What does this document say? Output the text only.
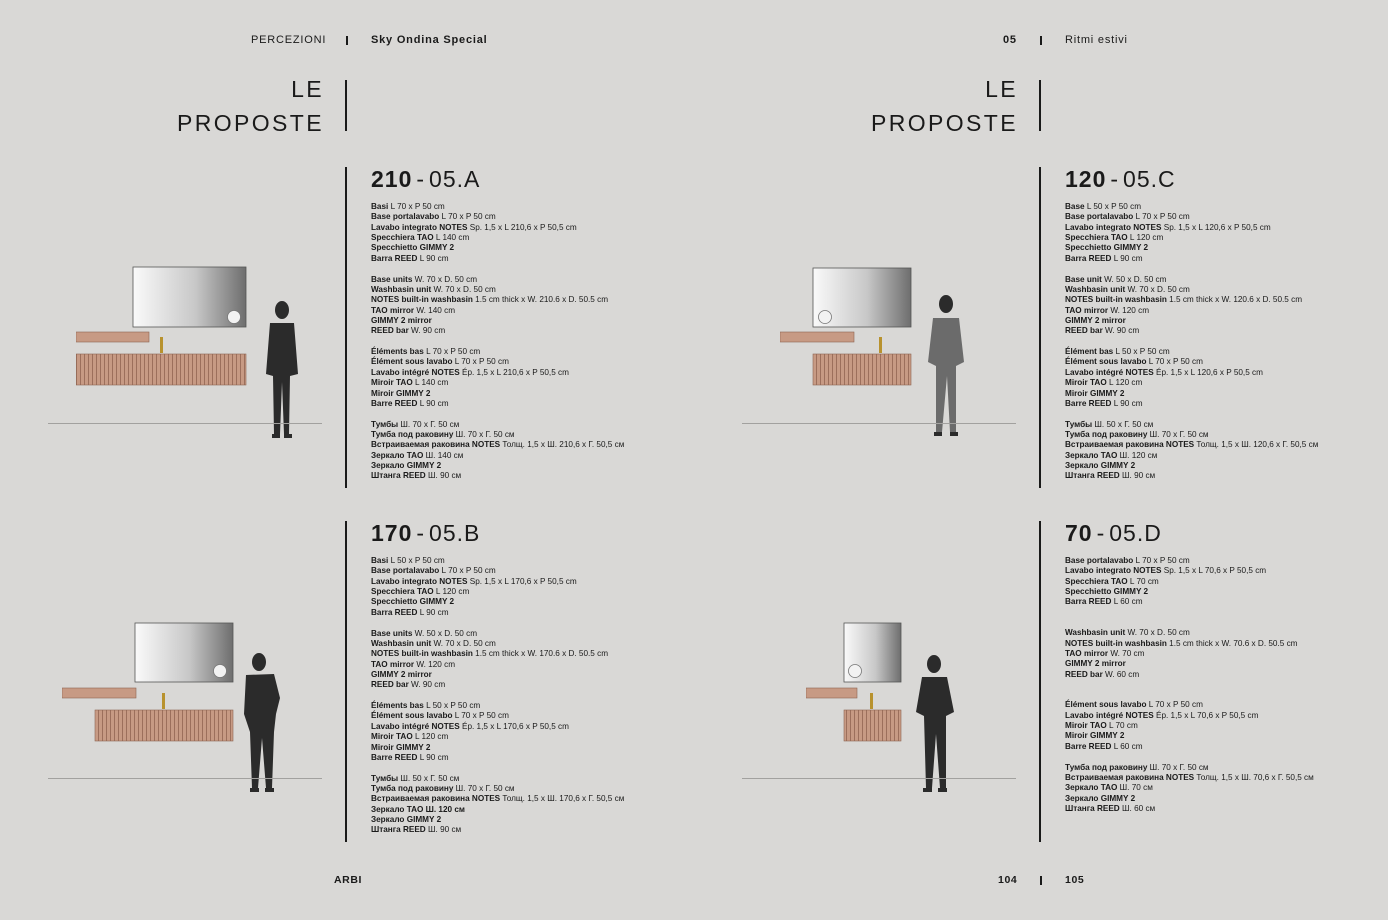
PERCEZIONI	Sky Ondina Special	05	Ritmi estivi
LE
PROPOSTE
LE
PROPOSTE
210 - 05.A
Basi L 70 x P 50 cm
Base portalavabo L 70 x P 50 cm
Lavabo integrato NOTES Sp. 1,5 x L 210,6 x P 50,5 cm
Specchiera TAO L 140 cm
Specchietto GIMMY 2
Barra REED L 90 cm
Base units W. 70 x D. 50 cm
Washbasin unit W. 70 x D. 50 cm
NOTES built-in washbasin 1.5 cm thick x W. 210.6 x D. 50.5 cm
TAO mirror W. 140 cm
GIMMY 2 mirror
REED bar W. 90 cm
Éléments bas L 70 x P 50 cm
Élément sous lavabo L 70 x P 50 cm
Lavabo intégré NOTES Ép. 1,5 x L 210,6 x P 50,5 cm
Miroir TAO L 140 cm
Miroir GIMMY 2
Barre REED L 90 cm
Тумбы Ш. 70 x Г. 50 см
Тумба под раковину Ш. 70 x Г. 50 см
Встраиваемая раковина NOTES Толщ. 1,5 x Ш. 210,6 x Г. 50,5 см
Зеркало TAO Ш. 140 см
Зеркало GIMMY 2
Штанга REED Ш. 90 см
170 - 05.B
Basi L 50 x P 50 cm
Base portalavabo L 70 x P 50 cm
Lavabo integrato NOTES Sp. 1,5 x L 170,6 x P 50,5 cm
Specchiera TAO L 120 cm
Specchietto GIMMY 2
Barra REED L 90 cm
Base units W. 50 x D. 50 cm
Washbasin unit W. 70 x D. 50 cm
NOTES built-in washbasin 1.5 cm thick x W. 170.6 x D. 50.5 cm
TAO mirror W. 120 cm
GIMMY 2 mirror
REED bar W. 90 cm
Éléments bas L 50 x P 50 cm
Élément sous lavabo L 70 x P 50 cm
Lavabo intégré NOTES Ép. 1,5 x L 170,6 x P 50,5 cm
Miroir TAO L 120 cm
Miroir GIMMY 2
Barre REED L 90 cm
Тумбы Ш. 50 x Г. 50 см
Тумба под раковину Ш. 70 x Г. 50 см
Встраиваемая раковина NOTES Толщ. 1,5 x Ш. 170,6 x Г. 50,5 см
Зеркало TAO Ш. 120 см
Зеркало GIMMY 2
Штанга REED Ш. 90 см
120 - 05.C
Base L 50 x P 50 cm
Base portalavabo L 70 x P 50 cm
Lavabo integrato NOTES Sp. 1,5 x L 120,6 x P 50,5 cm
Specchiera TAO L 120 cm
Specchietto GIMMY 2
Barra REED L 90 cm
Base unit W. 50 x D. 50 cm
Washbasin unit W. 70 x D. 50 cm
NOTES built-in washbasin 1.5 cm thick x W. 120.6 x D. 50.5 cm
TAO mirror W. 120 cm
GIMMY 2 mirror
REED bar W. 90 cm
Élément bas L 50 x P 50 cm
Élément sous lavabo L 70 x P 50 cm
Lavabo intégré NOTES Ép. 1,5 x L 120,6 x P 50,5 cm
Miroir TAO L 120 cm
Miroir GIMMY 2
Barre REED L 90 cm
Тумбы Ш. 50 x Г. 50 см
Тумба под раковину Ш. 70 x Г. 50 см
Встраиваемая раковина NOTES Толщ. 1,5 x Ш. 120,6 x Г. 50,5 см
Зеркало TAO Ш. 120 см
Зеркало GIMMY 2
Штанга REED Ш. 90 см
70 - 05.D
Base portalavabo L 70 x P 50 cm
Lavabo integrato NOTES Sp. 1,5 x L 70,6 x P 50,5 cm
Specchiera TAO L 70 cm
Specchietto GIMMY 2
Barra REED L 60 cm
Washbasin unit W. 70 x D. 50 cm
NOTES built-in washbasin 1.5 cm thick x W. 70.6 x D. 50.5 cm
TAO mirror W. 70 cm
GIMMY 2 mirror
REED bar W. 60 cm
Élément sous lavabo L 70 x P 50 cm
Lavabo intégré NOTES Ép. 1,5 x L 70,6 x P 50,5 cm
Miroir TAO L 70 cm
Miroir GIMMY 2
Barre REED L 60 cm
Тумба под раковину Ш. 70 x Г. 50 см
Встраиваемая раковина NOTES Толщ. 1,5 x Ш. 70,6 x Г. 50,5 см
Зеркало TAO Ш. 70 см
Зеркало GIMMY 2
Штанга REED Ш. 60 см
ARBI	104	105
